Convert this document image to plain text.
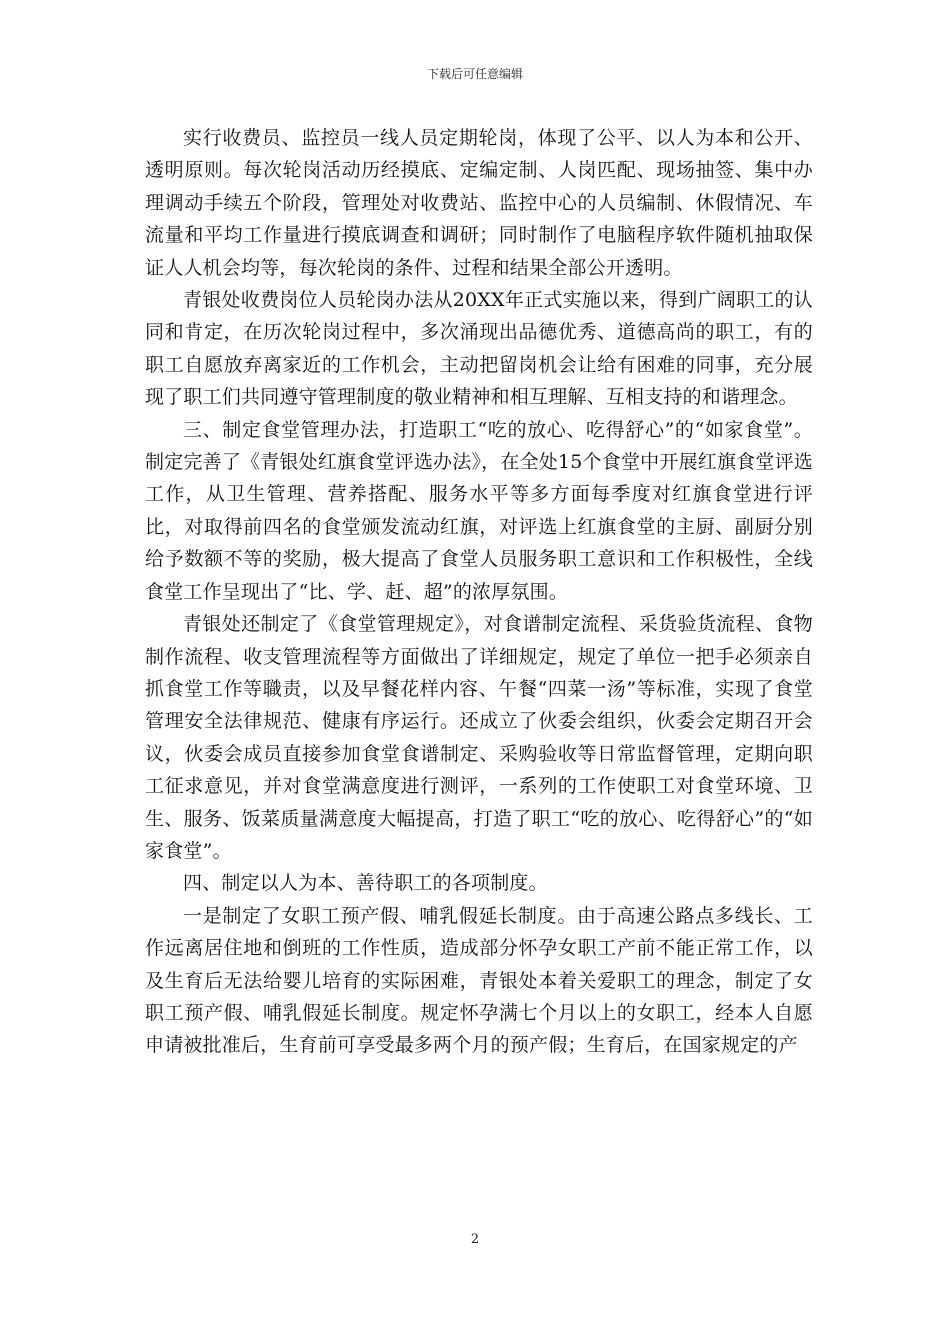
下载后可任意编辑

实行收费员、监控员一线人员定期轮岗，体现了公平、以人为本和公开、透明原则。每次轮岗活动历经摸底、定编定制、人岗匹配、现场抽签、集中办理调动手续五个阶段，管理处对收费站、监控中心的人员编制、休假情况、车流量和平均工作量进行摸底调查和调研；同时制作了电脑程序软件随机抽取保证人人机会均等，每次轮岗的条件、过程和结果全部公开透明。

青银处收费岗位人员轮岗办法从20XX年正式实施以来，得到广阔职工的认同和肯定，在历次轮岗过程中，多次涌现出品德优秀、道德高尚的职工，有的职工自愿放弃离家近的工作机会，主动把留岗机会让给有困难的同事，充分展现了职工们共同遵守管理制度的敬业精神和相互理解、互相支持的和谐理念。

三、制定食堂管理办法，打造职工“吃的放心、吃得舒心”的“如家食堂”。制定完善了《青银处红旗食堂评选办法》，在全处15个食堂中开展红旗食堂评选工作，从卫生管理、营养搭配、服务水平等多方面每季度对红旗食堂进行评比，对取得前四名的食堂颁发流动红旗，对评选上红旗食堂的主厨、副厨分别给予数额不等的奖励，极大提高了食堂人员服务职工意识和工作积极性，全线食堂工作呈现出了“比、学、赶、超”的浓厚氛围。

青银处还制定了《食堂管理规定》，对食谱制定流程、采货验货流程、食物制作流程、收支管理流程等方面做出了详细规定，规定了单位一把手必须亲自抓食堂工作等職责，以及早餐花样内容、午餐“四菜一汤”等标准，实现了食堂管理安全法律规范、健康有序运行。还成立了伙委会组织，伙委会定期召开会议，伙委会成员直接参加食堂食谱制定、采购验收等日常监督管理，定期向职工征求意见，并对食堂满意度进行测评，一系列的工作使职工对食堂环境、卫生、服务、饭菜质量满意度大幅提高，打造了职工“吃的放心、吃得舒心”的“如家食堂”。

四、制定以人为本、善待职工的各项制度。

一是制定了女职工预产假、哺乳假延长制度。由于高速公路点多线长、工作远离居住地和倒班的工作性质，造成部分怀孕女职工产前不能正常工作，以及生育后无法给婴儿培育的实际困难，青银处本着关爱职工的理念，制定了女职工预产假、哺乳假延长制度。规定怀孕满七个月以上的女职工，经本人自愿申请被批准后，生育前可享受最多两个月的预产假；生育后，在国家规定的产

2
